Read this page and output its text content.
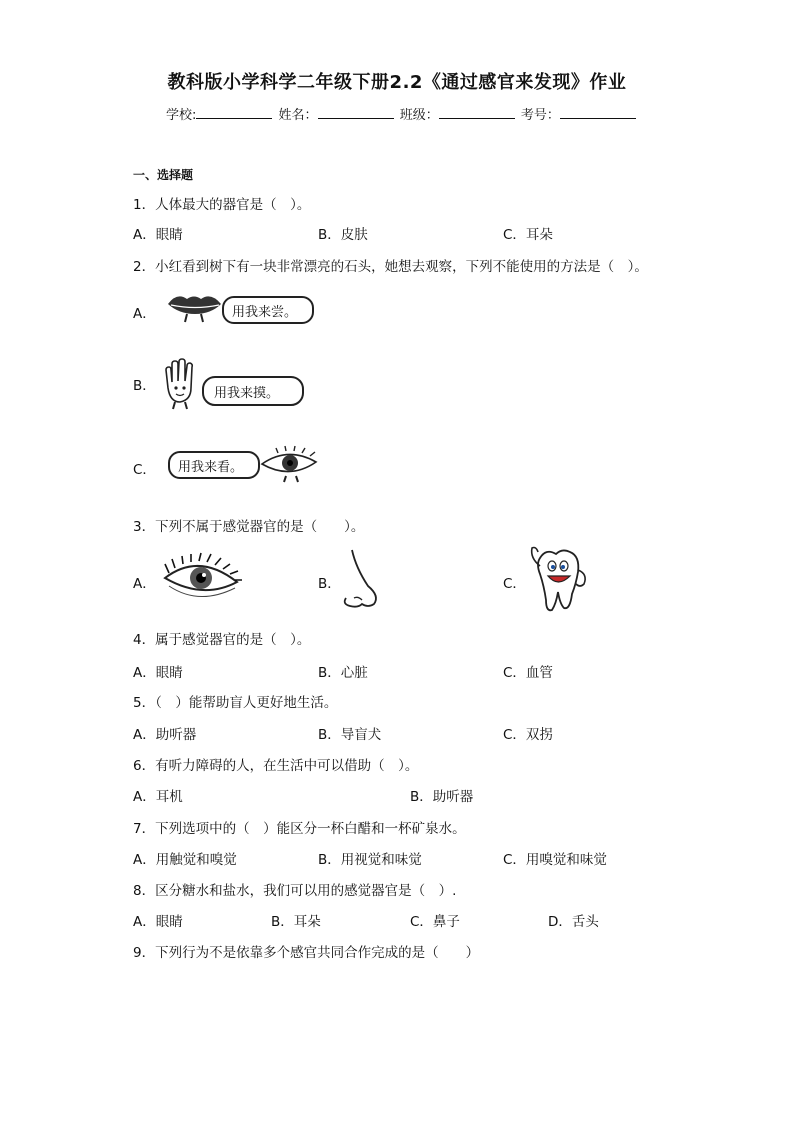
教科版小学科学二年级下册2.2《通过感官来发现》作业
学校:	姓名：	班级：	考号：
一、选择题
1．人体最大的器官是（　）。
A．眼睛	B．皮肤	C．耳朵
2．小红看到树下有一块非常漂亮的石头，她想去观察，下列不能使用的方法是（　）。
A．	用我来尝。
B．	用我来摸。
C． 用我来看。
3．下列不属于感觉器官的是（　　）。
A．	B．	C．
4．属于感觉器官的是（　）。
A．眼睛	B．心脏	C．血管
5．（　）能帮助盲人更好地生活。
A．助听器	B．导盲犬	C．双拐
6．有听力障碍的人，在生活中可以借助（　）。
A．耳机	B．助听器
7．下列选项中的（　）能区分一杯白醋和一杯矿泉水。
A．用触觉和嗅觉	B．用视觉和味觉	C．用嗅觉和味觉
8．区分糖水和盐水，我们可以用的感觉器官是（　）.
A．眼睛	B．耳朵	C．鼻子	D．舌头
9．下列行为不是依靠多个感官共同合作完成的是（　　）
